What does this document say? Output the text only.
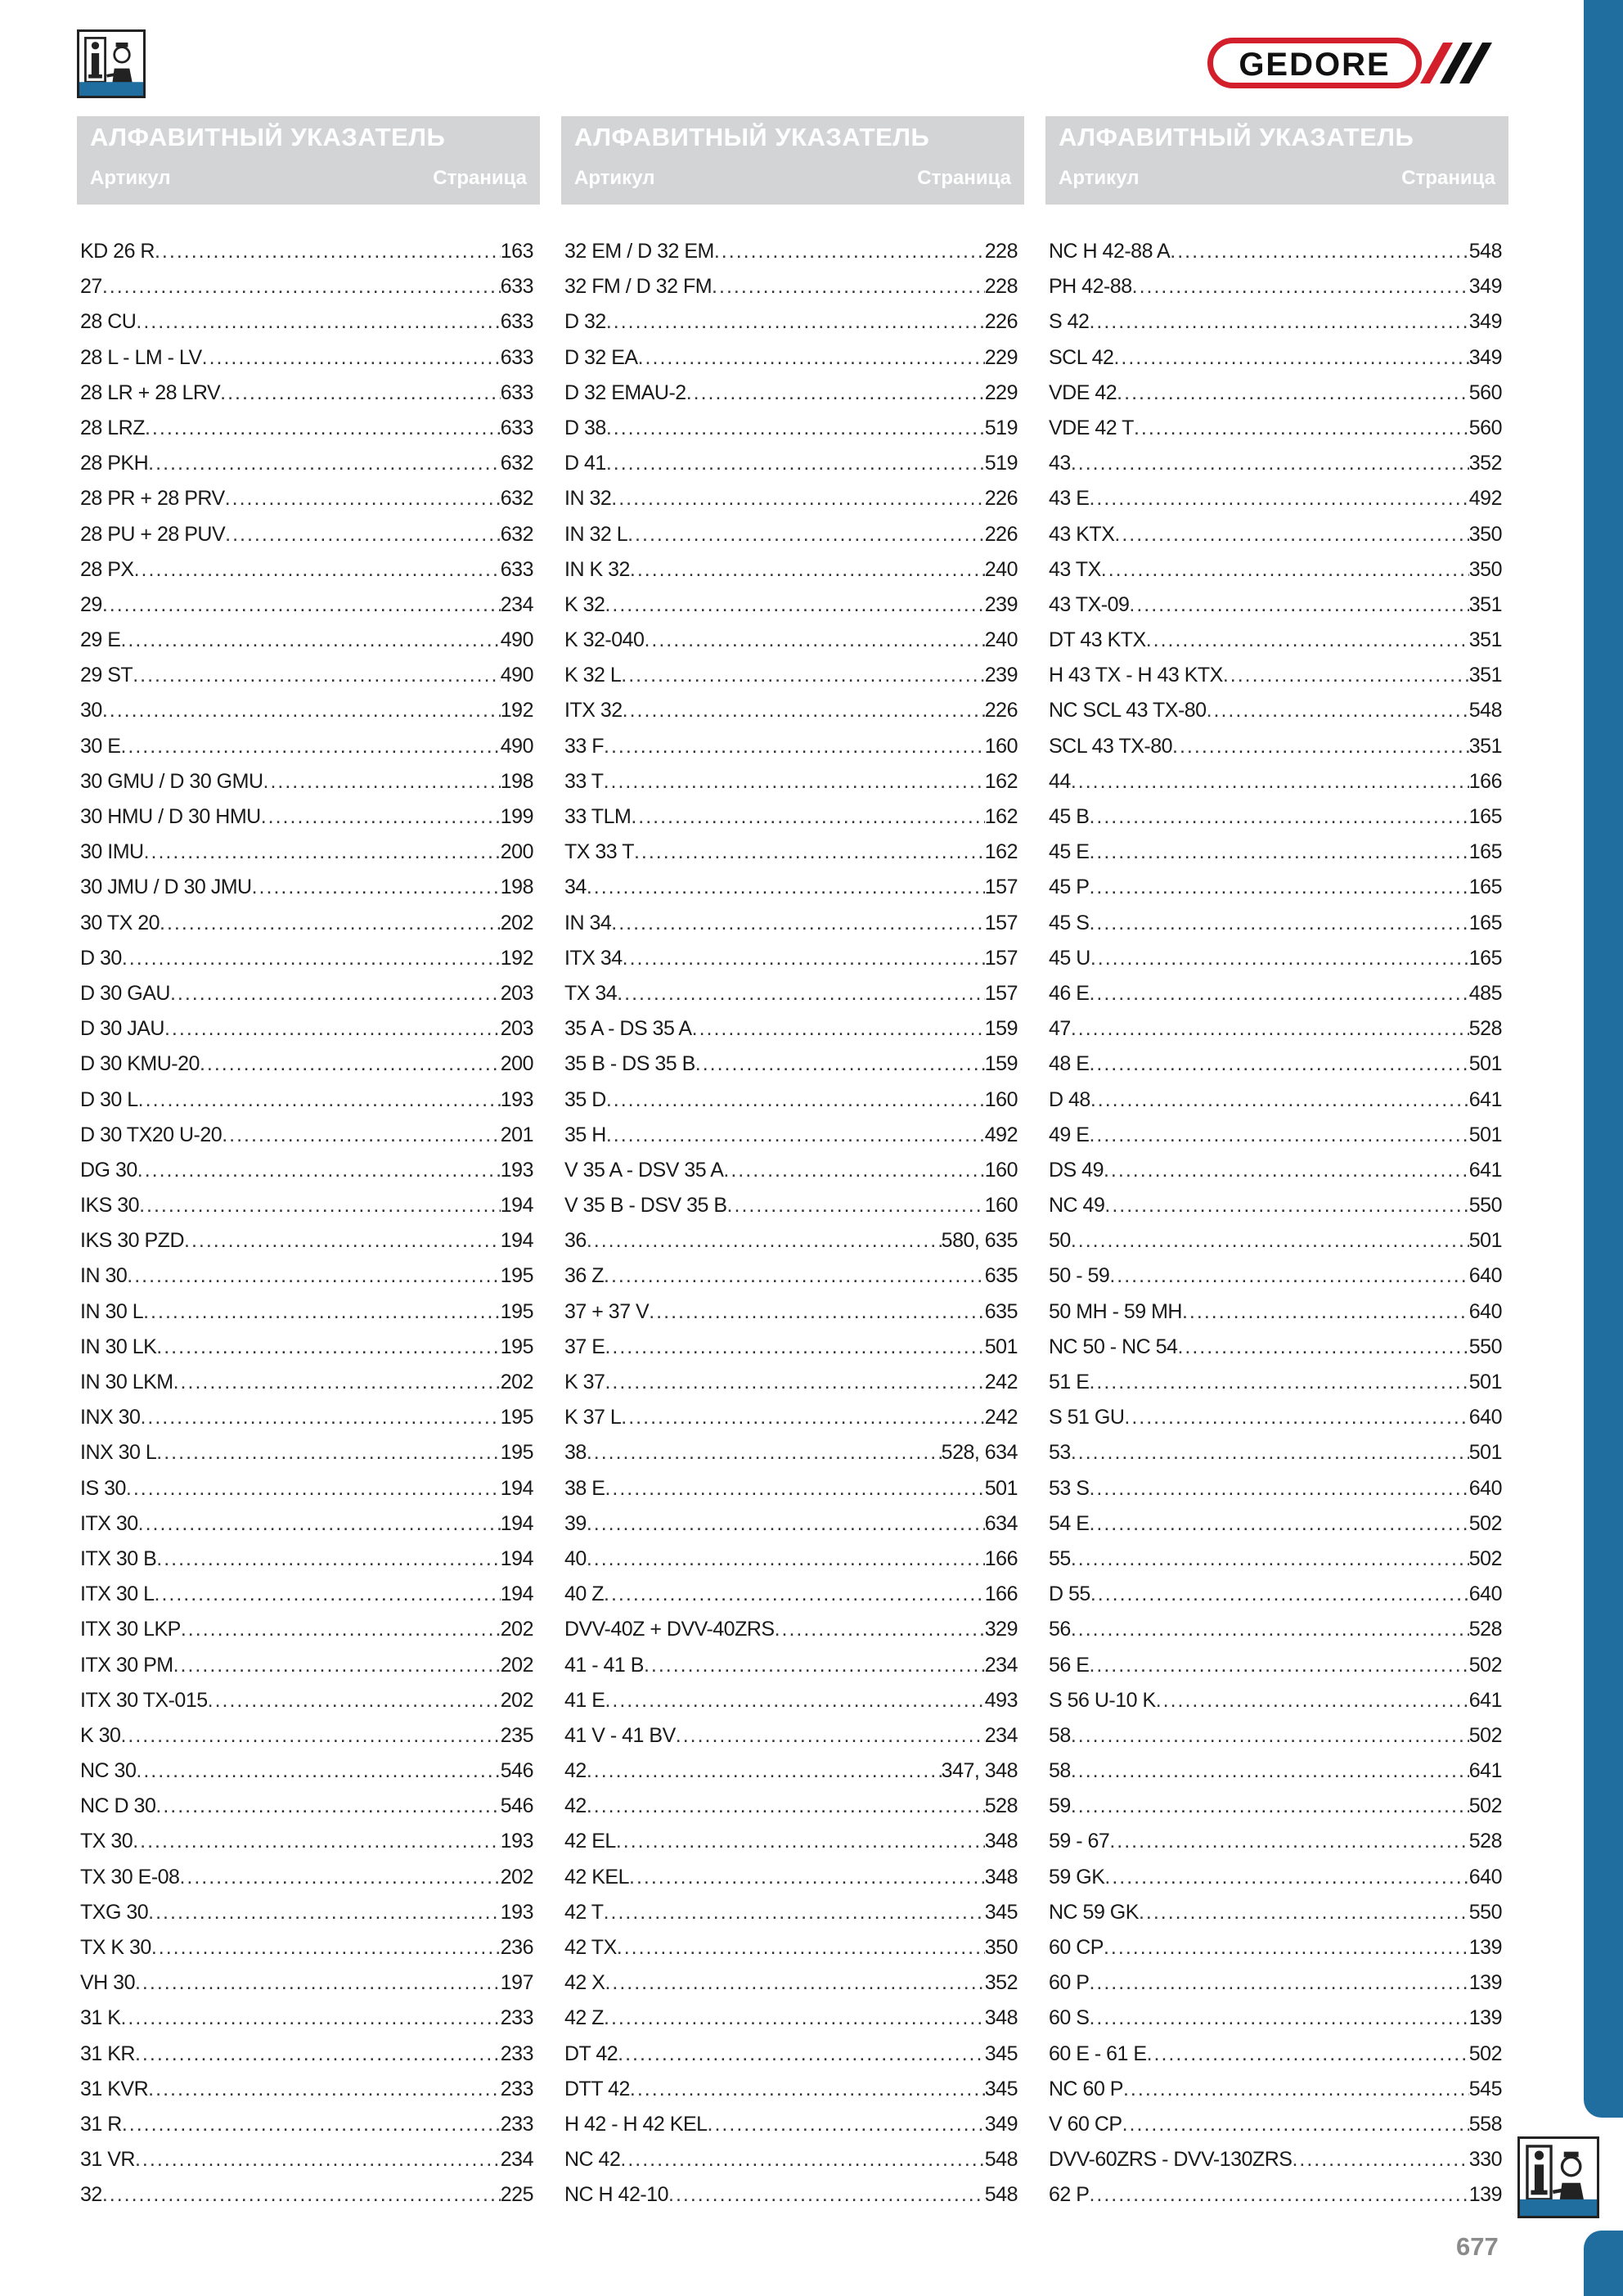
GEDORE
АЛФАВИТНЫЙ УКАЗАТЕЛЬ
Артикул	Страница
KD 26 R .....	163
27 .....	633
28 CU .....	633
28 L - LM - LV .....	633
28 LR + 28 LRV .....	633
28 LRZ .....	633
28 PKH .....	632
28 PR + 28 PRV .....	632
28 PU + 28 PUV .....	632
28 PX .....	633
29 .....	234
29 E .....	490
29 ST .....	490
30 .....	192
30 E .....	490
30 GMU / D 30 GMU .....	198
30 HMU / D 30 HMU .....	199
30 IMU .....	200
30 JMU / D 30 JMU .....	198
30 TX 20 .....	202
D 30 .....	192
D 30 GAU .....	203
D 30 JAU .....	203
D 30 KMU-20 .....	200
D 30 L .....	193
D 30 TX20 U-20 .....	201
DG 30 .....	193
IKS 30 .....	194
IKS 30 PZD .....	194
IN 30 .....	195
IN 30 L .....	195
IN 30 LK .....	195
IN 30 LKM .....	202
INX 30 .....	195
INX 30 L .....	195
IS 30 .....	194
ITX 30 .....	194
ITX 30 B .....	194
ITX 30 L .....	194
ITX 30 LKP .....	202
ITX 30 PM .....	202
ITX 30 TX-015 .....	202
K 30 .....	235
NC 30 .....	546
NC D 30 .....	546
TX 30 .....	193
TX 30 E-08 .....	202
TXG 30 .....	193
TX K 30 .....	236
VH 30 .....	197
31 K .....	233
31 KR .....	233
31 KVR .....	233
31 R .....	233
31 VR .....	234
32 .....	225
АЛФАВИТНЫЙ УКАЗАТЕЛЬ
Артикул	Страница
32 EM / D 32 EM .....	228
32 FM / D 32 FM .....	228
D 32 .....	226
D 32 EA .....	229
D 32 EMAU-2 .....	229
D 38 .....	519
D 41 .....	519
IN 32 .....	226
IN 32 L .....	226
IN K 32 .....	240
K 32 .....	239
K 32-040 .....	240
K 32 L .....	239
ITX 32 .....	226
33 F .....	160
33 T .....	162
33 TLM .....	162
TX 33 T .....	162
34 .....	157
IN 34 .....	157
ITX 34 .....	157
TX 34 .....	157
35 A - DS 35 A .....	159
35 B - DS 35 B .....	159
35 D .....	160
35 H .....	492
V 35 A - DSV 35 A .....	160
V 35 B - DSV 35 B .....	160
36 .....	580, 635
36 Z .....	635
37 + 37 V .....	635
37 E .....	501
K 37 .....	242
K 37 L .....	242
38 .....	528, 634
38 E .....	501
39 .....	634
40 .....	166
40 Z .....	166
DVV-40Z + DVV-40ZRS .....	329
41 - 41 B .....	234
41 E .....	493
41 V - 41 BV .....	234
42 .....	347, 348
42 .....	528
42 EL .....	348
42 KEL .....	348
42 T .....	345
42 TX .....	350
42 X .....	352
42 Z .....	348
DT 42 .....	345
DTT 42 .....	345
H 42 - H 42 KEL .....	349
NC 42 .....	548
NC H 42-10 .....	548
АЛФАВИТНЫЙ УКАЗАТЕЛЬ
Артикул	Страница
NC H 42-88 A .....	548
PH 42-88 .....	349
S 42 .....	349
SCL 42 .....	349
VDE 42 .....	560
VDE 42 T .....	560
43 .....	352
43 E .....	492
43 KTX .....	350
43 TX .....	350
43 TX-09 .....	351
DT 43 KTX .....	351
H 43 TX - H 43 KTX .....	351
NC SCL 43 TX-80 .....	548
SCL 43 TX-80 .....	351
44 .....	166
45 B .....	165
45 E .....	165
45 P .....	165
45 S .....	165
45 U .....	165
46 E .....	485
47 .....	528
48 E .....	501
D 48 .....	641
49 E .....	501
DS 49 .....	641
NC 49 .....	550
50 .....	501
50 - 59 .....	640
50 MH - 59 MH .....	640
NC 50 - NC 54 .....	550
51 E .....	501
S 51 GU .....	640
53 .....	501
53 S .....	640
54 E .....	502
55 .....	502
D 55 .....	640
56 .....	528
56 E .....	502
S 56 U-10 K .....	641
58 .....	502
58 .....	641
59 .....	502
59 - 67 .....	528
59 GK .....	640
NC 59 GK .....	550
60 CP .....	139
60 P .....	139
60 S .....	139
60 E - 61 E .....	502
NC 60 P .....	545
V 60 CP .....	558
DVV-60ZRS - DVV-130ZRS .....	330
62 P .....	139
677
